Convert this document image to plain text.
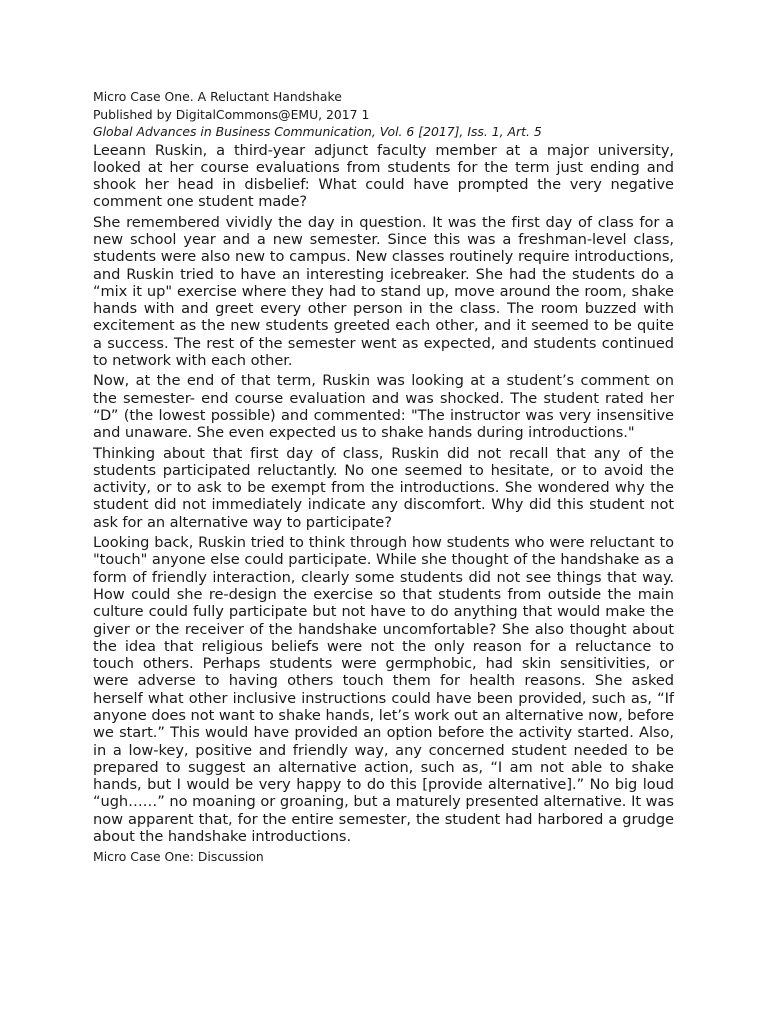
Micro Case One. A Reluctant Handshake

Published by DigitalCommons@EMU, 2017 1

Global Advances in Business Communication, Vol. 6 [2017], Iss. 1, Art. 5

Leeann Ruskin, a third-year adjunct faculty member at a major university, looked at her course evaluations from students for the term just ending and shook her head in disbelief: What could have prompted the very negative comment one student made?

She remembered vividly the day in question. It was the first day of class for a new school year and a new semester. Since this was a freshman-level class, students were also new to campus. New classes routinely require introductions, and Ruskin tried to have an interesting icebreaker. She had the students do a “mix it up" exercise where they had to stand up, move around the room, shake hands with and greet every other person in the class. The room buzzed with excitement as the new students greeted each other, and it seemed to be quite a success. The rest of the semester went as expected, and students continued to network with each other.

Now, at the end of that term, Ruskin was looking at a student’s comment on the semester- end course evaluation and was shocked. The student rated her “D” (the lowest possible) and commented: "The instructor was very insensitive and unaware. She even expected us to shake hands during introductions."

Thinking about that first day of class, Ruskin did not recall that any of the students participated reluctantly. No one seemed to hesitate, or to avoid the activity, or to ask to be exempt from the introductions. She wondered why the student did not immediately indicate any discomfort. Why did this student not ask for an alternative way to participate?

Looking back, Ruskin tried to think through how students who were reluctant to "touch" anyone else could participate. While she thought of the handshake as a form of friendly interaction, clearly some students did not see things that way. How could she re-design the exercise so that students from outside the main culture could fully participate but not have to do anything that would make the giver or the receiver of the handshake uncomfortable? She also thought about the idea that religious beliefs were not the only reason for a reluctance to touch others. Perhaps students were germphobic, had skin sensitivities, or were adverse to having others touch them for health reasons. She asked herself what other inclusive instructions could have been provided, such as, “If anyone does not want to shake hands, let’s work out an alternative now, before we start.” This would have provided an option before the activity started. Also, in a low-key, positive and friendly way, any concerned student needed to be prepared to suggest an alternative action, such as, “I am not able to shake hands, but I would be very happy to do this [provide alternative].” No big loud “ugh……” no moaning or groaning, but a maturely presented alternative. It was now apparent that, for the entire semester, the student had harbored a grudge about the handshake introductions.

Micro Case One: Discussion
